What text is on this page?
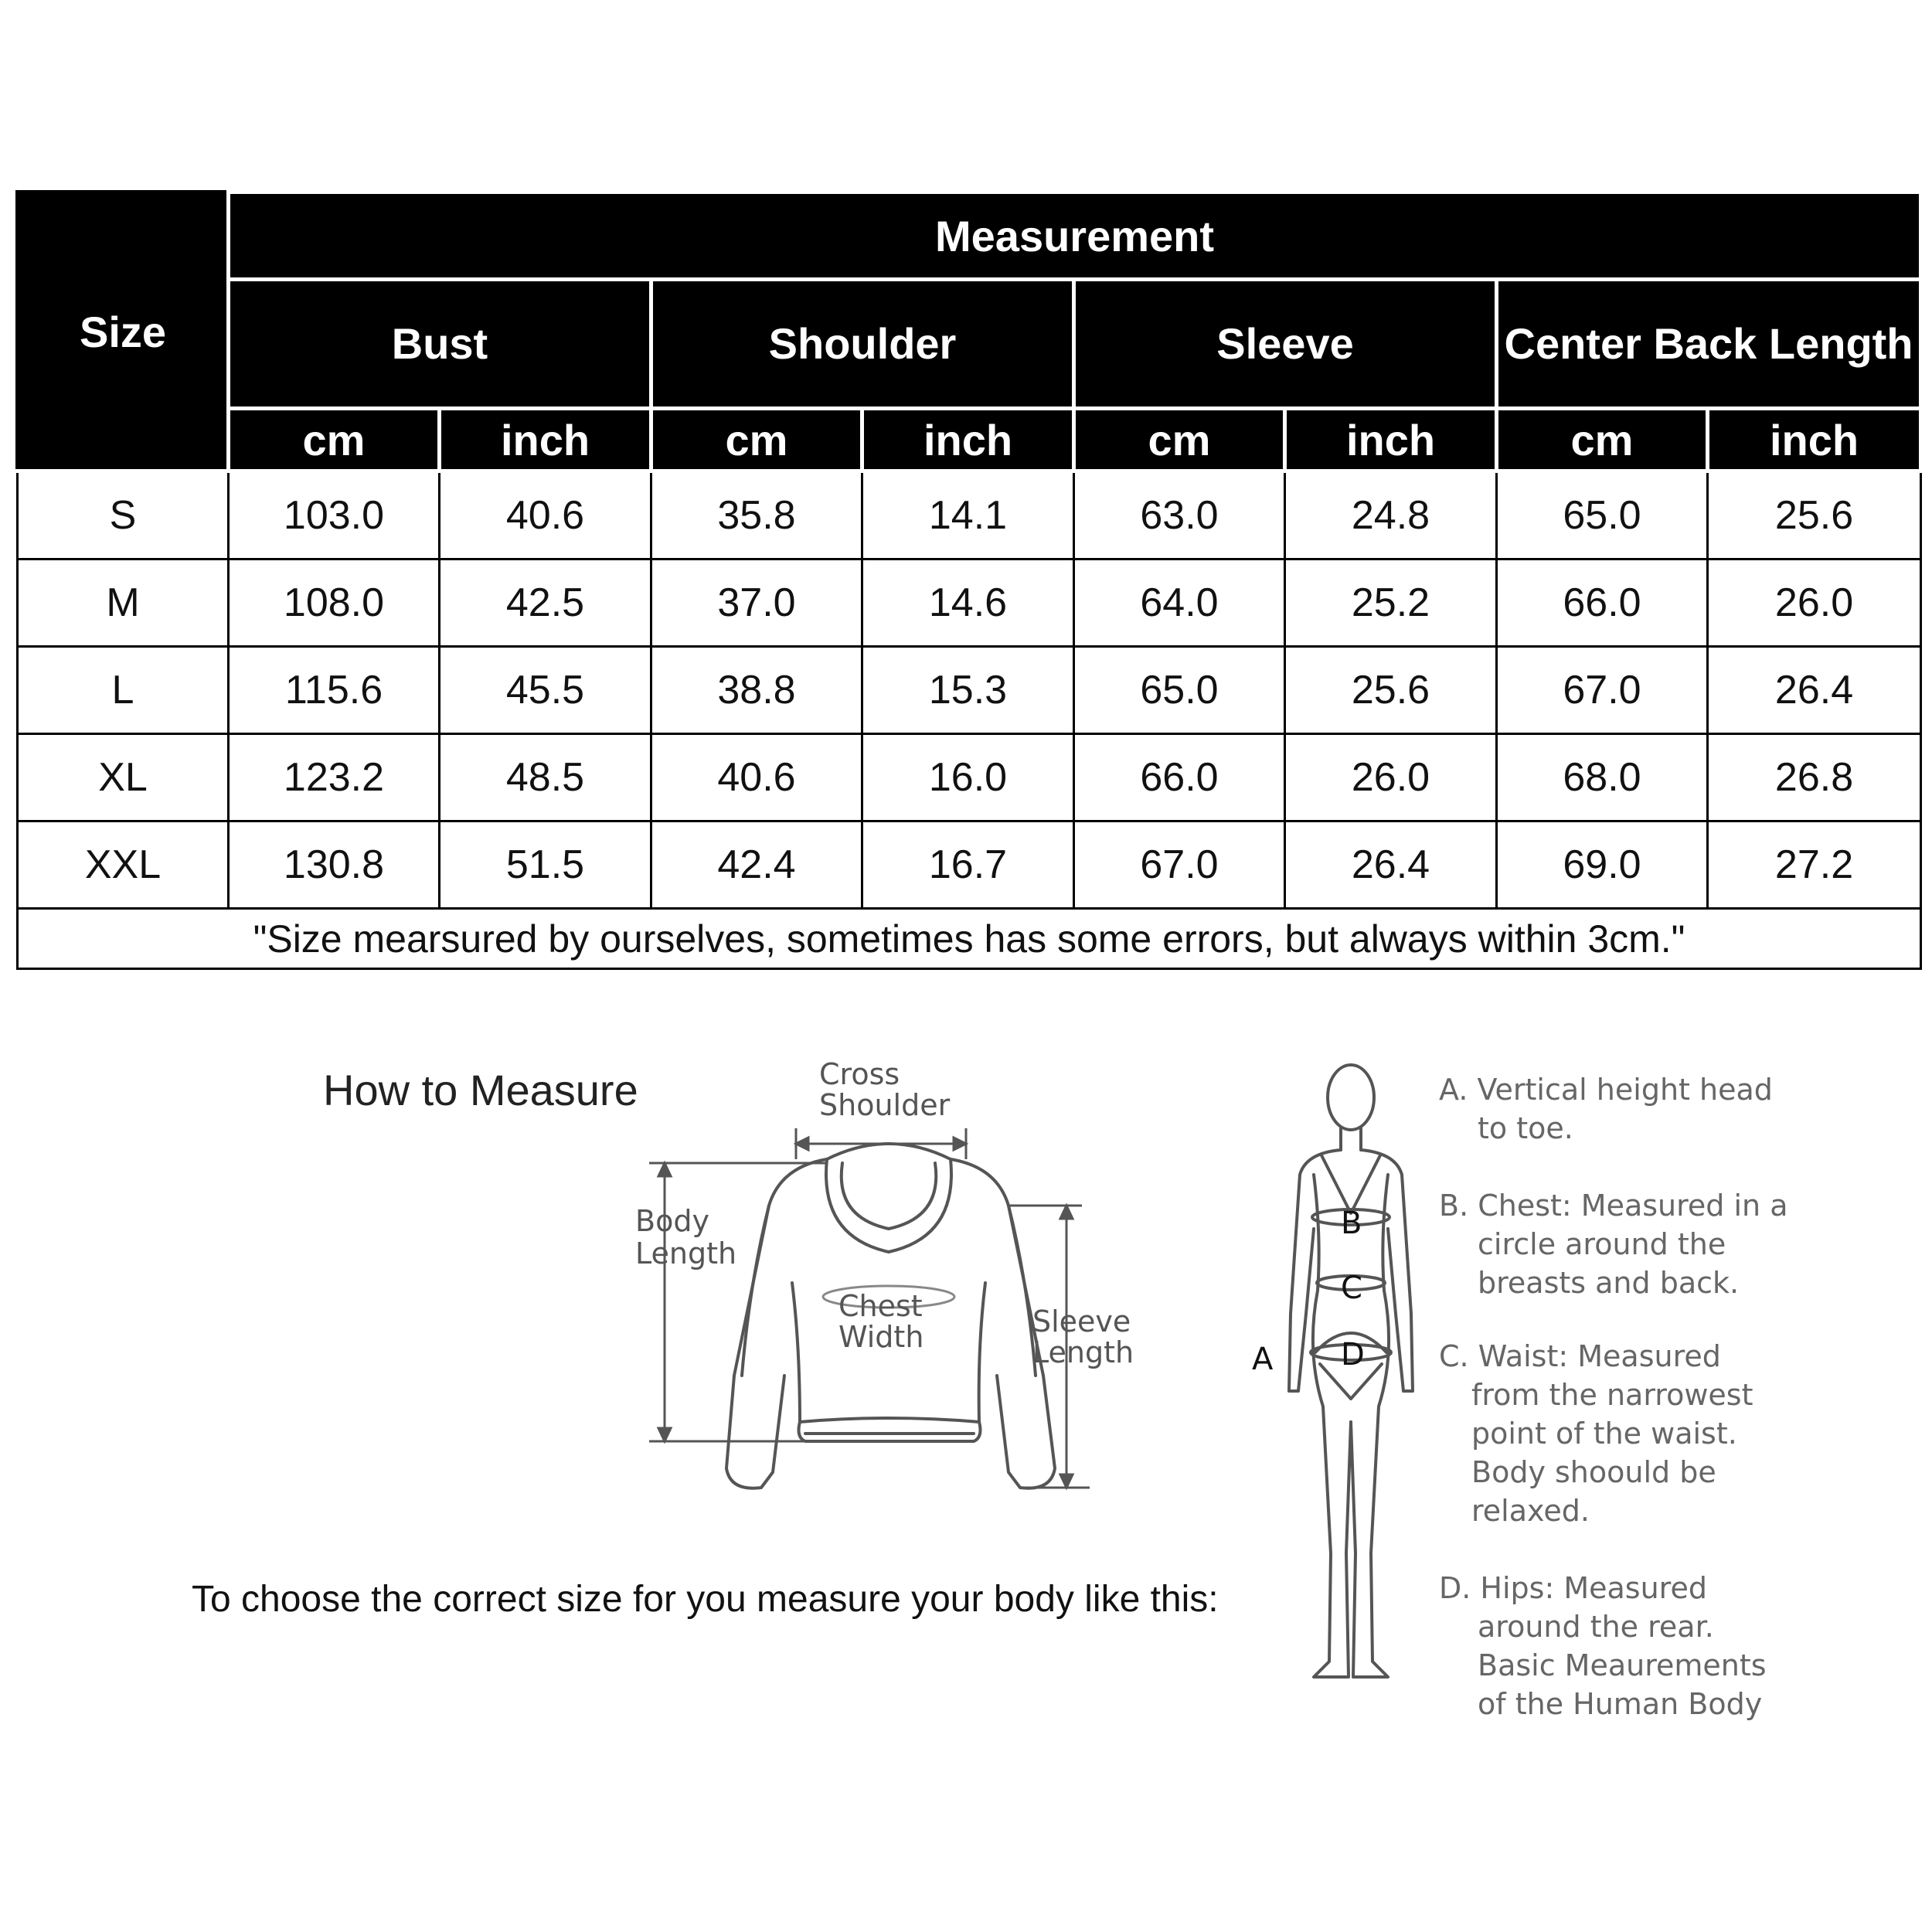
Size	Measurement							
	Bust		Shoulder		Sleeve		Center Back Length	
	cm	inch	cm	inch	cm	inch	cm	inch
S	103.0	40.6	35.8	14.1	63.0	24.8	65.0	25.6
M	108.0	42.5	37.0	14.6	64.0	25.2	66.0	26.0
L	115.6	45.5	38.8	15.3	65.0	25.6	67.0	26.4
XL	123.2	48.5	40.6	16.0	66.0	26.0	68.0	26.8
XXL	130.8	51.5	42.4	16.7	67.0	26.4	69.0	27.2
"Size mearsured by ourselves, sometimes has some errors, but always within 3cm."								
How to Measure	Cross
Shoulder
Body
Length
Chest
Width	Sleeve
Length
To choose the correct size for you measure your body like this:
B
C
D
A
A. Vertical height head
to toe.
B. Chest: Measured in a
circle around the
breasts and back.
C. Waist: Measured
from the narrowest
point of the waist.
Body shoould be
relaxed.
D. Hips: Measured
around the rear.
Basic Meaurements
of the Human Body
